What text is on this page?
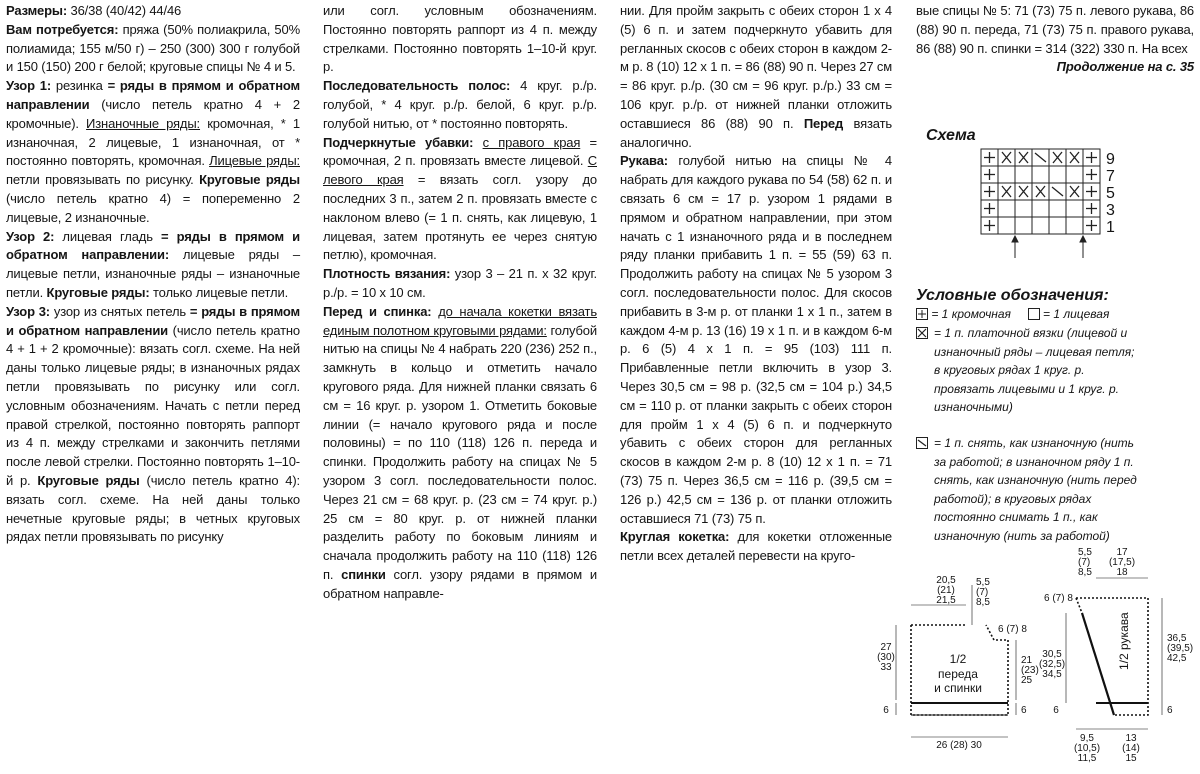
Размеры: 36/38 (40/42) 44/46

Вам потребуется: пряжа (50% полиакрила, 50% полиамида; 155 м/50 г) – 250 (300) 300 г голубой и 150 (150) 200 г белой; круговые спицы № 4 и 5.

Узор 1: резинка = ряды в прямом и обратном направлении (число петель кратно 4 + 2 кромочные). Изнаночные ряды: кромочная, * 1 изнаночная, 2 лицевые, 1 изнаночная, от * постоянно повторять, кромочная. Лицевые ряды: петли провязывать по рисунку. Круговые ряды (число петель кратно 4) = попеременно 2 лицевые, 2 изнаночные.

Узор 2: лицевая гладь = ряды в прямом и обратном направлении: лицевые ряды – лицевые петли, изнаночные ряды – изнаночные петли. Круговые ряды: только лицевые петли.

Узор 3: узор из снятых петель = ряды в прямом и обратном направлении (число петель кратно 4 + 1 + 2 кромочные): вязать согл. схеме. На ней даны только лицевые ряды; в изнаночных рядах петли провязывать по рисунку или согл. условным обозначениям. Начать с петли перед правой стрелкой, постоянно повторять раппорт из 4 п. между стрелками и закончить петлями после левой стрелки. Постоянно повторять 1–10-й р. Круговые ряды (число петель кратно 4): вязать согл. схеме. На ней даны только нечетные круговые ряды; в четных круговых рядах петли провязывать по рисунку

или согл. условным обозначениям. Постоянно повторять раппорт из 4 п. между стрелками. Постоянно повторять 1–10-й круг. р.

Последовательность полос: 4 круг. р./р. голубой, * 4 круг. р./р. белой, 6 круг. р./р. голубой нитью, от * постоянно повторять.

Подчеркнутые убавки: с правого края = кромочная, 2 п. провязать вместе лицевой. С левого края = вязать согл. узору до последних 3 п., затем 2 п. провязать вместе с наклоном влево (= 1 п. снять, как лицевую, 1 лицевая, затем протянуть ее через снятую петлю), кромочная.

Плотность вязания: узор 3 – 21 п. х 32 круг. р./р. = 10 х 10 см.

Перед и спинка: до начала кокетки вязать единым полотном круговыми рядами: голубой нитью на спицы № 4 набрать 220 (236) 252 п., замкнуть в кольцо и отметить начало кругового ряда. Для нижней планки связать 6 см = 16 круг. р. узором 1. Отметить боковые линии (= начало кругового ряда и после половины) = по 110 (118) 126 п. переда и спинки. Продолжить работу на спицах № 5 узором 3 согл. последовательности полос. Через 21 см = 68 круг. р. (23 см = 74 круг. р.) 25 см = 80 круг. р. от нижней планки разделить работу по боковым линиям и сначала продолжить работу на 110 (118) 126 п. спинки согл. узору рядами в прямом и обратном направле-

нии. Для пройм закрыть с обеих сторон 1 х 4 (5) 6 п. и затем подчеркнуто убавить для регланных скосов с обеих сторон в каждом 2-м р. 8 (10) 12 х 1 п. = 86 (88) 90 п. Через 27 см = 86 круг. р./р. (30 см = 96 круг. р./р.) 33 см = 106 круг. р./р. от нижней планки отложить оставшиеся 86 (88) 90 п. Перед вязать аналогично.

Рукава: голубой нитью на спицы № 4 набрать для каждого рукава по 54 (58) 62 п. и связать 6 см = 17 р. узором 1 рядами в прямом и обратном направлении, при этом начать с 1 изнаночного ряда и в последнем ряду планки прибавить 1 п. = 55 (59) 63 п. Продолжить работу на спицах № 5 узором 3 согл. последовательности полос. Для скосов прибавить в 3-м р. от планки 1 х 1 п., затем в каждом 4-м р. 13 (16) 19 х 1 п. и в каждом 6-м р. 6 (5) 4 х 1 п. = 95 (103) 111 п. Прибавленные петли включить в узор 3. Через 30,5 см = 98 р. (32,5 см = 104 р.) 34,5 см = 110 р. от планки закрыть с обеих сторон для пройм 1 х 4 (5) 6 п. и подчеркнуто убавить с обеих сторон для регланных скосов в каждом 2-м р. 8 (10) 12 х 1 п. = 71 (73) 75 п. Через 36,5 см = 116 р. (39,5 см = 126 р.) 42,5 см = 136 р. от планки отложить оставшиеся 71 (73) 75 п.

Круглая кокетка: для кокетки отложенные петли всех деталей перевести на круго-

вые спицы № 5: 71 (73) 75 п. левого рукава, 86 (88) 90 п. переда, 71 (73) 75 п. правого рукава, 86 (88) 90 п. спинки = 314 (322) 330 п. На всех

Продолжение на с. 35

Схема
9
7
5
3
1
Условные обозначения:

= 1 кромочная	= 1 лицевая

= 1 п. платочной вязки (лицевой и изнаночный ряды – лицевая петля; в круговых рядах 1 круг. р. провязать лицевыми и 1 круг. р. изнаночными)

= 1 п. снять, как изнаночную (нить за работой; в изнаночном ряду 1 п. снять, как изнаночную (нить перед работой); в круговых рядах постоянно снимать 1 п., как изнаночную (нить за работой)

1/2
переда
и спинки
20,5
(21)
21,5
5,5
(7)
8,5
27
(30)
33
6 (7) 8
21
(23)
25
6	6
26 (28) 30
1/2 рукава
5,5
(7)
8,5
17
(17,5)
18
6 (7) 8
30,5
(32,5)
34,5
36,5
(39,5)
42,5
6	6
9,5
(10,5)
11,5
13
(14)
15
